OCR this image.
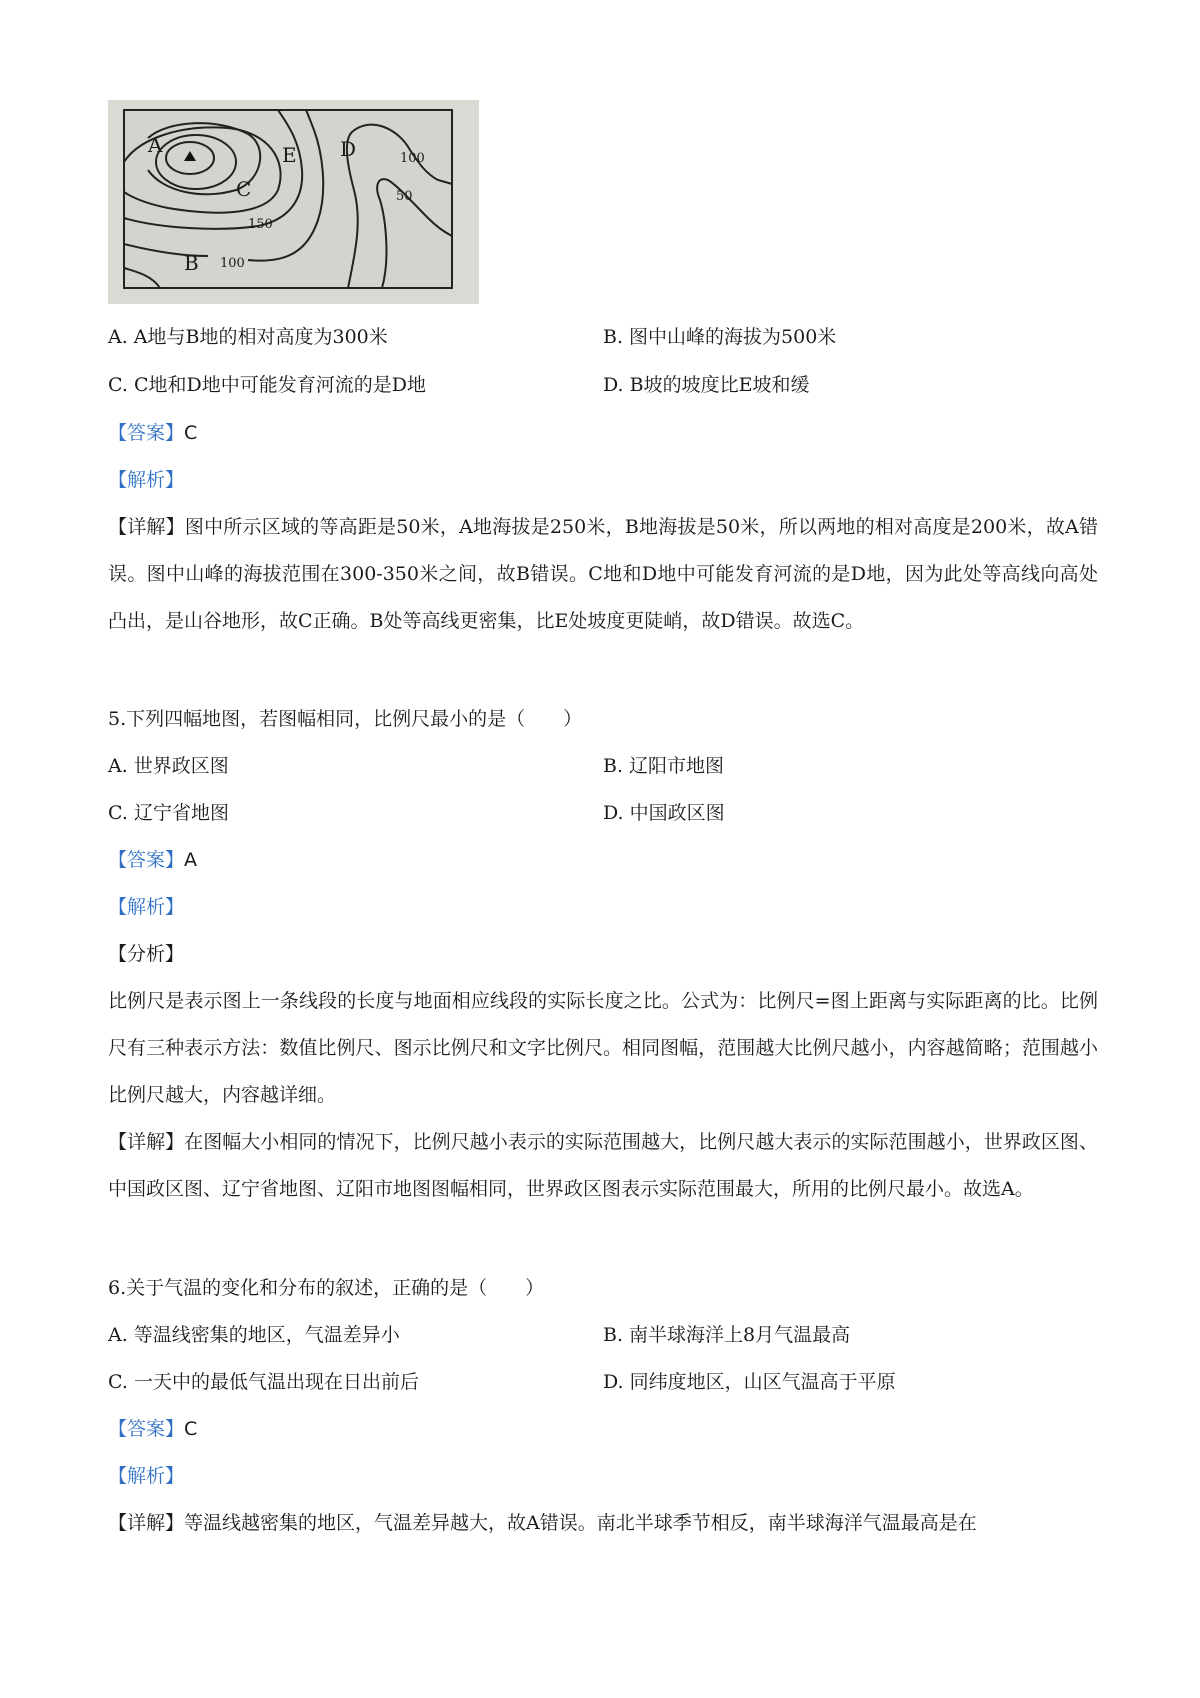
A
B
C
D
E
150
100
100
50
A. A地与B地的相对高度为300米	B. 图中山峰的海拔为500米
C. C地和D地中可能发育河流的是D地	D. B坡的坡度比E坡和缓
【答案】C
【解析】
【详解】图中所示区域的等高距是50米，A地海拔是250米，B地海拔是50米，所以两地的相对高度是200米，故A错误。图中山峰的海拔范围在300-350米之间，故B错误。C地和D地中可能发育河流的是D地，因为此处等高线向高处凸出，是山谷地形，故C正确。B处等高线更密集，比E处坡度更陡峭，故D错误。故选C。
5.下列四幅地图，若图幅相同，比例尺最小的是（　　）
A. 世界政区图	B. 辽阳市地图
C. 辽宁省地图	D. 中国政区图
【答案】A
【解析】
【分析】
比例尺是表示图上一条线段的长度与地面相应线段的实际长度之比。公式为：比例尺=图上距离与实际距离的比。比例尺有三种表示方法：数值比例尺、图示比例尺和文字比例尺。相同图幅，范围越大比例尺越小，内容越简略；范围越小比例尺越大，内容越详细。
【详解】在图幅大小相同的情况下，比例尺越小表示的实际范围越大，比例尺越大表示的实际范围越小，世界政区图、中国政区图、辽宁省地图、辽阳市地图图幅相同，世界政区图表示实际范围最大，所用的比例尺最小。故选A。
6.关于气温的变化和分布的叙述，正确的是（　　）
A. 等温线密集的地区，气温差异小	B. 南半球海洋上8月气温最高
C. 一天中的最低气温出现在日出前后	D. 同纬度地区，山区气温高于平原
【答案】C
【解析】
【详解】等温线越密集的地区，气温差异越大，故A错误。南北半球季节相反，南半球海洋气温最高是在
